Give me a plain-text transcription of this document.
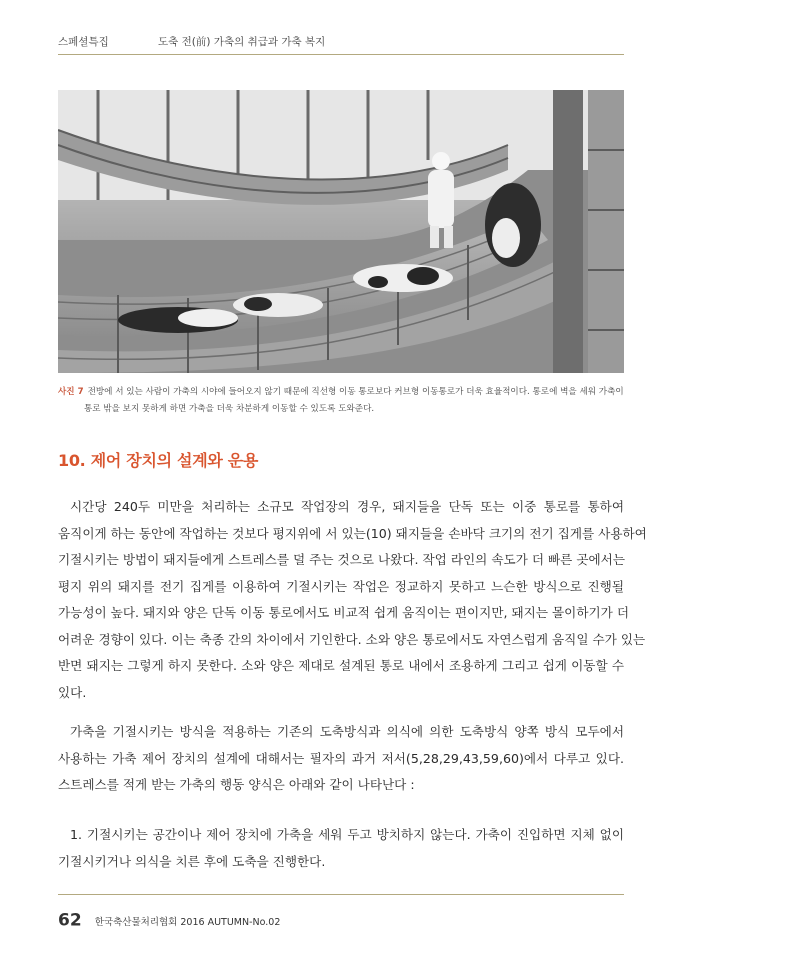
스페셜특집	도축 전(前) 가축의 취급과 가축 복지
사진 7 전방에 서 있는 사람이 가축의 시야에 들어오지 않기 때문에 직선형 이동 통로보다 커브형 이동통로가 더욱 효율적이다. 통로에 벽을 세워 가축이
통로 밖을 보지 못하게 하면 가축을 더욱 차분하게 이동할 수 있도록 도와준다.
10. 제어 장치의 설계와 운용
시간당 240두 미만을 처리하는 소규모 작업장의 경우, 돼지들을 단독 또는 이중 통로를 통하여
움직이게 하는 동안에 작업하는 것보다 평지위에 서 있는(10) 돼지들을 손바닥 크기의 전기 집게를 사용하여
기절시키는 방법이 돼지들에게 스트레스를 덜 주는 것으로 나왔다. 작업 라인의 속도가 더 빠른 곳에서는
평지 위의 돼지를 전기 집게를 이용하여 기절시키는 작업은 정교하지 못하고 느슨한 방식으로 진행될
가능성이 높다. 돼지와 양은 단독 이동 통로에서도 비교적 쉽게 움직이는 편이지만, 돼지는 몰이하기가 더
어려운 경향이 있다. 이는 축종 간의 차이에서 기인한다. 소와 양은 통로에서도 자연스럽게 움직일 수가 있는
반면 돼지는 그렇게 하지 못한다. 소와 양은 제대로 설계된 통로 내에서 조용하게 그리고 쉽게 이동할 수
있다.
가축을 기절시키는 방식을 적용하는 기존의 도축방식과 의식에 의한 도축방식 양쪽 방식 모두에서
사용하는 가축 제어 장치의 설계에 대해서는 필자의 과거 저서(5,28,29,43,59,60)에서 다루고 있다.
스트레스를 적게 받는 가축의 행동 양식은 아래와 같이 나타난다 :
1. 기절시키는 공간이나 제어 장치에 가축을 세워 두고 방치하지 않는다. 가축이 진입하면 지체 없이
기절시키거나 의식을 치른 후에 도축을 진행한다.
62 한국축산물처리협회 2016 AUTUMN-No.02
